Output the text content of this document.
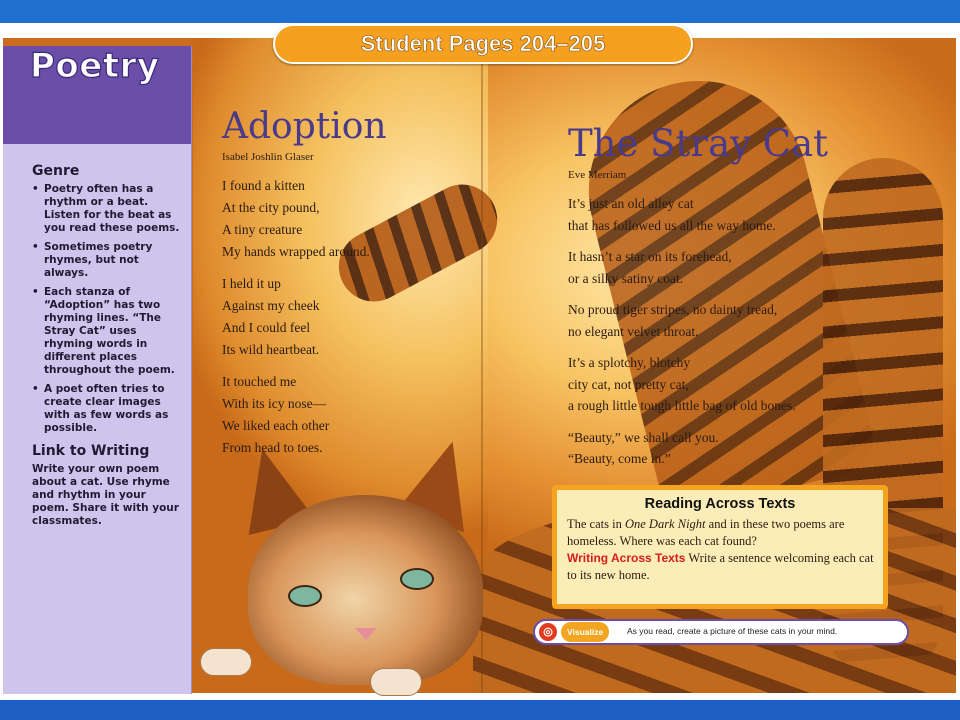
Student Pages 204–205
Poetry

Genre

• Poetry often has a rhythm or a beat. Listen for the beat as you read these poems.
• Sometimes poetry rhymes, but not always.
• Each stanza of “Adoption” has two rhyming lines. “The Stray Cat” uses rhyming words in different places throughout the poem.
• A poet often tries to create clear images with as few words as possible.

Link to Writing

Write your own poem about a cat. Use rhyme and rhythm in your poem. Share it with your classmates.

Adoption
Isabel Joshlin Glaser
I found a kitten
At the city pound,
A tiny creature
My hands wrapped around.
I held it up
Against my cheek
And I could feel
Its wild heartbeat.
It touched me
With its icy nose—
We liked each other
From head to toes.
The Stray Cat
Eve Merriam
It’s just an old alley cat
that has followed us all the way home.
It hasn’t a star on its forehead,
or a silky satiny coat.
No proud tiger stripes, no dainty tread,
no elegant velvet throat.
It’s a splotchy, blotchy
city cat, not pretty cat,
a rough little tough little bag of old bones.
“Beauty,” we shall call you.
“Beauty, come in.”
Reading Across Texts

The cats in One Dark Night and in these two poems are homeless. Where was each cat found?

Writing Across Texts Write a sentence welcoming each cat to its new home.

◎	Visualize	As you read, create a picture of these cats in your mind.
